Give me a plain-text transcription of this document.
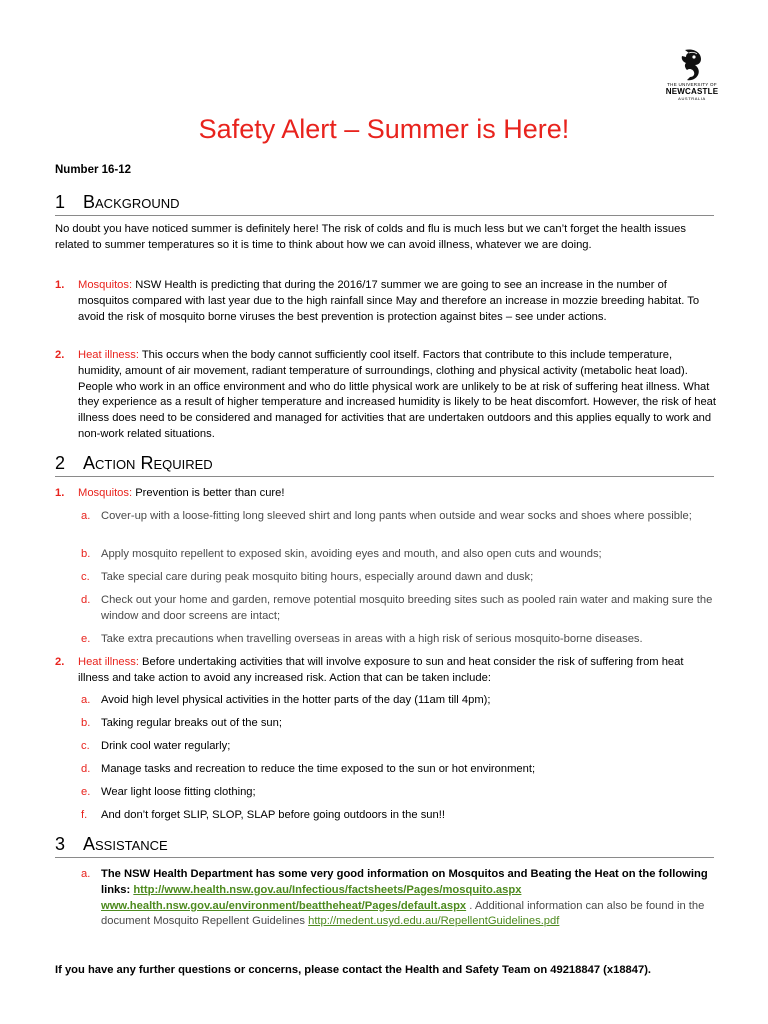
THE UNIVERSITY OF
NEWCASTLE
AUSTRALIA
Safety Alert – Summer is Here!
Number 16-12
1 Background
No doubt you have noticed summer is definitely here! The risk of colds and flu is much less but we can’t forget the health issues related to summer temperatures so it is time to think about how we can avoid illness, whatever we are doing.
1. Mosquitos: NSW Health is predicting that during the 2016/17 summer we are going to see an increase in the number of mosquitos compared with last year due to the high rainfall since May and therefore an increase in mozzie breeding habitat. To avoid the risk of mosquito borne viruses the best prevention is protection against bites – see under actions.
2. Heat illness: This occurs when the body cannot sufficiently cool itself. Factors that contribute to this include temperature, humidity, amount of air movement, radiant temperature of surroundings, clothing and physical activity (metabolic heat load). People who work in an office environment and who do little physical work are unlikely to be at risk of suffering heat illness. What they experience as a result of higher temperature and increased humidity is likely to be heat discomfort. However, the risk of heat illness does need to be considered and managed for activities that are undertaken outdoors and this applies equally to work and non-work related situations.
2 Action Required
1. Mosquitos: Prevention is better than cure!
a. Cover-up with a loose-fitting long sleeved shirt and long pants when outside and wear socks and shoes where possible;
b. Apply mosquito repellent to exposed skin, avoiding eyes and mouth, and also open cuts and wounds;
c. Take special care during peak mosquito biting hours, especially around dawn and dusk;
d. Check out your home and garden, remove potential mosquito breeding sites such as pooled rain water and making sure the window and door screens are intact;
e. Take extra precautions when travelling overseas in areas with a high risk of serious mosquito-borne diseases.
2. Heat illness: Before undertaking activities that will involve exposure to sun and heat consider the risk of suffering from heat illness and take action to avoid any increased risk. Action that can be taken include:
a. Avoid high level physical activities in the hotter parts of the day (11am till 4pm);
b. Taking regular breaks out of the sun;
c. Drink cool water regularly;
d. Manage tasks and recreation to reduce the time exposed to the sun or hot environment;
e. Wear light loose fitting clothing;
f. And don’t forget SLIP, SLOP, SLAP before going outdoors in the sun!!
3 Assistance
a. The NSW Health Department has some very good information on Mosquitos and Beating the Heat on the following links: http://www.health.nsw.gov.au/Infectious/factsheets/Pages/mosquito.aspx www.health.nsw.gov.au/environment/beattheheat/Pages/default.aspx . Additional information can also be found in the document Mosquito Repellent Guidelines http://medent.usyd.edu.au/RepellentGuidelines.pdf
If you have any further questions or concerns, please contact the Health and Safety Team on 49218847 (x18847).
